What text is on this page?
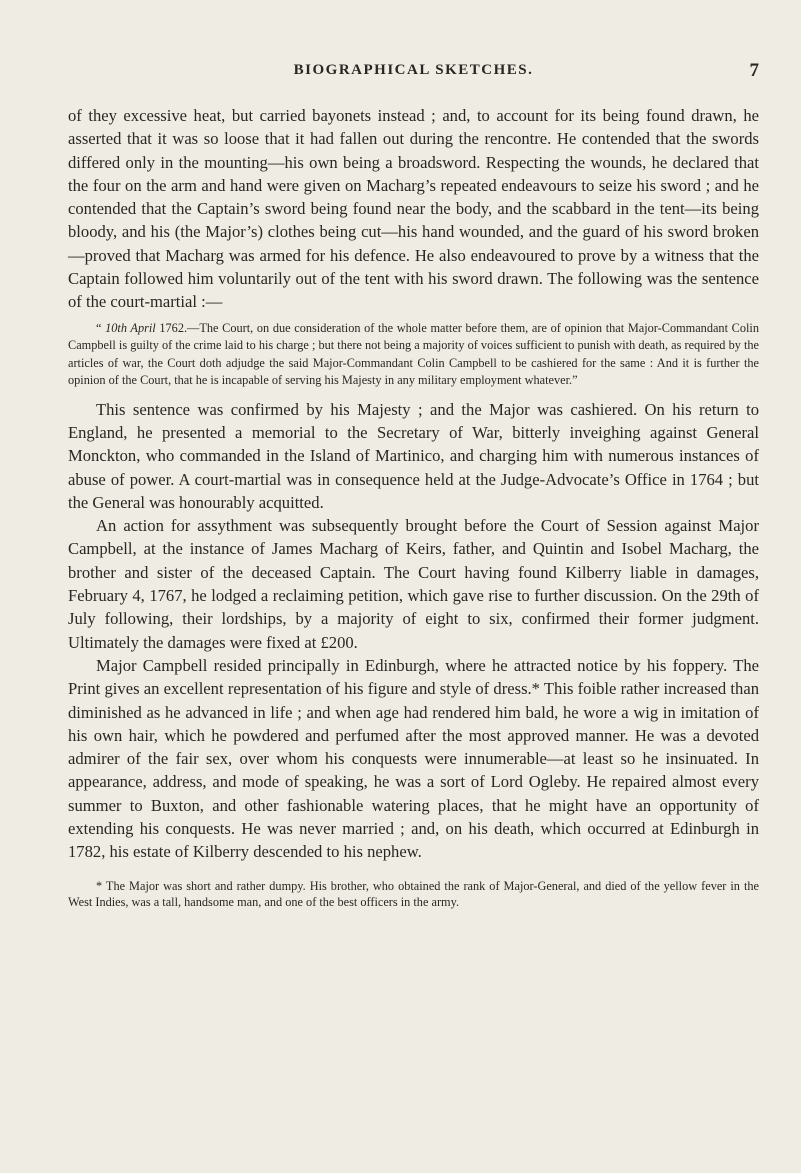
BIOGRAPHICAL SKETCHES.	7

of they excessive heat, but carried bayonets instead ; and, to account for its being found drawn, he asserted that it was so loose that it had fallen out during the rencontre. He contended that the swords differed only in the mounting—his own being a broadsword. Respecting the wounds, he declared that the four on the arm and hand were given on Macharg’s repeated endeavours to seize his sword ; and he contended that the Captain’s sword being found near the body, and the scabbard in the tent—its being bloody, and his (the Major’s) clothes being cut—his hand wounded, and the guard of his sword broken—proved that Macharg was armed for his defence. He also endeavoured to prove by a witness that the Captain followed him voluntarily out of the tent with his sword drawn. The following was the sentence of the court-martial :—

“ 10th April 1762.—The Court, on due consideration of the whole matter before them, are of opinion that Major-Commandant Colin Campbell is guilty of the crime laid to his charge ; but there not being a majority of voices sufficient to punish with death, as required by the articles of war, the Court doth adjudge the said Major-Commandant Colin Campbell to be cashiered for the same : And it is further the opinion of the Court, that he is incapable of serving his Majesty in any military employment whatever.”

This sentence was confirmed by his Majesty ; and the Major was cashiered. On his return to England, he presented a memorial to the Secretary of War, bitterly inveighing against General Monckton, who commanded in the Island of Martinico, and charging him with numerous instances of abuse of power. A court-martial was in consequence held at the Judge-Advocate’s Office in 1764 ; but the General was honourably acquitted.

An action for assythment was subsequently brought before the Court of Session against Major Campbell, at the instance of James Macharg of Keirs, father, and Quintin and Isobel Macharg, the brother and sister of the deceased Captain. The Court having found Kilberry liable in damages, February 4, 1767, he lodged a reclaiming petition, which gave rise to further discussion. On the 29th of July following, their lordships, by a majority of eight to six, confirmed their former judgment. Ultimately the damages were fixed at £200.

Major Campbell resided principally in Edinburgh, where he attracted notice by his foppery. The Print gives an excellent representation of his figure and style of dress.* This foible rather increased than diminished as he advanced in life ; and when age had rendered him bald, he wore a wig in imitation of his own hair, which he powdered and perfumed after the most approved manner. He was a devoted admirer of the fair sex, over whom his conquests were innumerable—at least so he insinuated. In appearance, address, and mode of speaking, he was a sort of Lord Ogleby. He repaired almost every summer to Buxton, and other fashionable watering places, that he might have an opportunity of extending his conquests. He was never married ; and, on his death, which occurred at Edinburgh in 1782, his estate of Kilberry descended to his nephew.

* The Major was short and rather dumpy. His brother, who obtained the rank of Major-General, and died of the yellow fever in the West Indies, was a tall, handsome man, and one of the best officers in the army.
